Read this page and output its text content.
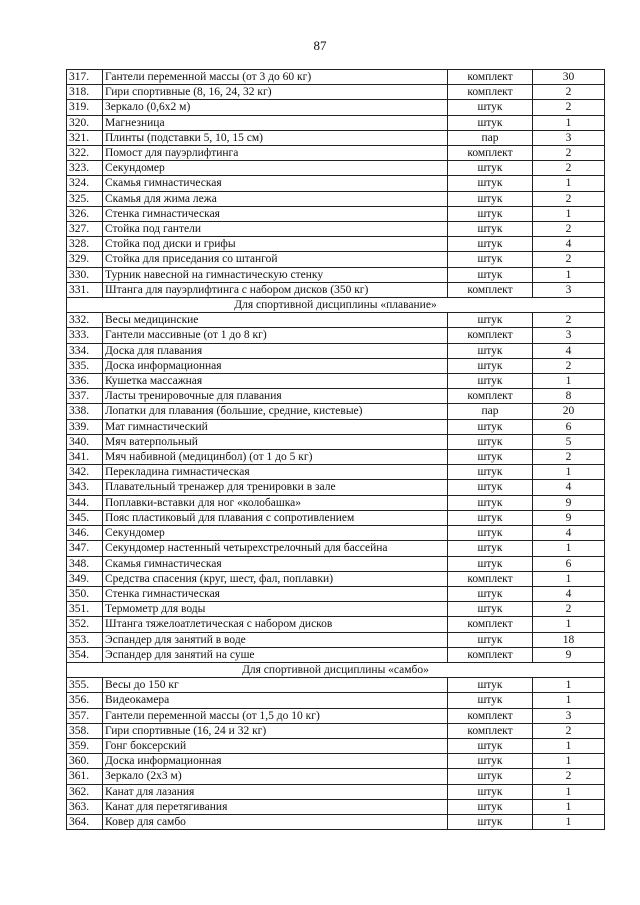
87
317.	Гантели переменной массы (от 3 до 60 кг)	комплект	30
318.	Гири спортивные (8, 16, 24, 32 кг)	комплект	2
319.	Зеркало (0,6х2 м)	штук	2
320.	Магнезница	штук	1
321.	Плинты (подставки 5, 10, 15 см)	пар	3
322.	Помост для пауэрлифтинга	комплект	2
323.	Секундомер	штук	2
324.	Скамья гимнастическая	штук	1
325.	Скамья для жима лежа	штук	2
326.	Стенка гимнастическая	штук	1
327.	Стойка под гантели	штук	2
328.	Стойка под диски и грифы	штук	4
329.	Стойка для приседания со штангой	штук	2
330.	Турник навесной на гимнастическую стенку	штук	1
331.	Штанга для пауэрлифтинга с набором дисков (350 кг)	комплект	3
Для спортивной дисциплины «плавание»			
332.	Весы медицинские	штук	2
333.	Гантели массивные (от 1 до 8 кг)	комплект	3
334.	Доска для плавания	штук	4
335.	Доска информационная	штук	2
336.	Кушетка массажная	штук	1
337.	Ласты тренировочные для плавания	комплект	8
338.	Лопатки для плавания (большие, средние, кистевые)	пар	20
339.	Мат гимнастический	штук	6
340.	Мяч ватерпольный	штук	5
341.	Мяч набивной (медицинбол) (от 1 до 5 кг)	штук	2
342.	Перекладина гимнастическая	штук	1
343.	Плавательный тренажер для тренировки в зале	штук	4
344.	Поплавки-вставки для ног «колобашка»	штук	9
345.	Пояс пластиковый для плавания с сопротивлением	штук	9
346.	Секундомер	штук	4
347.	Секундомер настенный четырехстрелочный для бассейна	штук	1
348.	Скамья гимнастическая	штук	6
349.	Средства спасения (круг, шест, фал, поплавки)	комплект	1
350.	Стенка гимнастическая	штук	4
351.	Термометр для воды	штук	2
352.	Штанга тяжелоатлетическая с набором дисков	комплект	1
353.	Эспандер для занятий в воде	штук	18
354.	Эспандер для занятий на суше	комплект	9
Для спортивной дисциплины «самбо»			
355.	Весы до 150 кг	штук	1
356.	Видеокамера	штук	1
357.	Гантели переменной массы (от 1,5 до 10 кг)	комплект	3
358.	Гири спортивные (16, 24 и 32 кг)	комплект	2
359.	Гонг боксерский	штук	1
360.	Доска информационная	штук	1
361.	Зеркало (2х3 м)	штук	2
362.	Канат для лазания	штук	1
363.	Канат для перетягивания	штук	1
364.	Ковер для самбо	штук	1
